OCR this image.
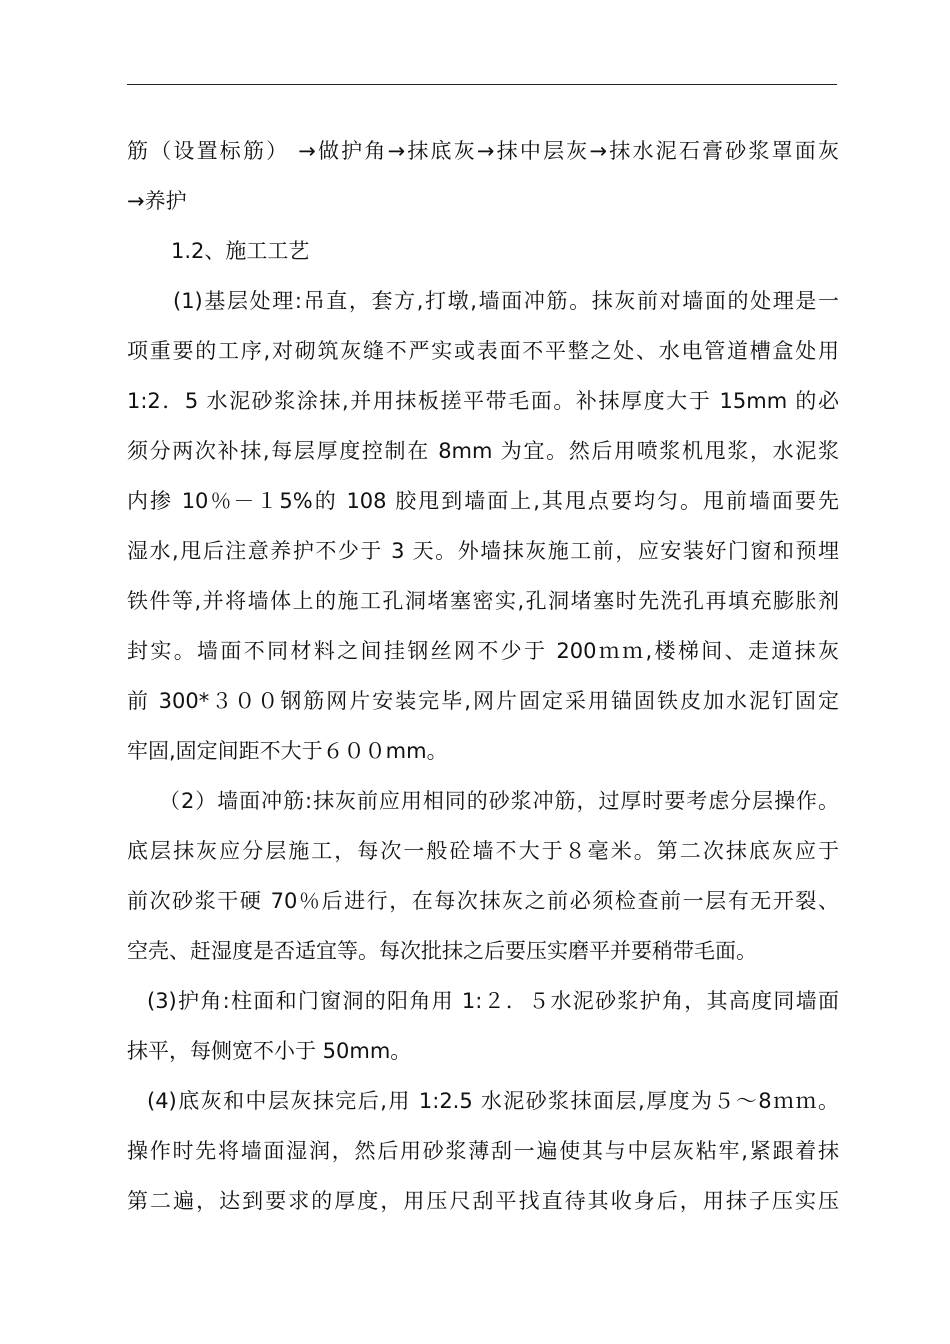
筋（设置标筋） →做护角→抹底灰→抹中层灰→抹水泥石膏砂浆罩面灰
→养护
1.2、施工工艺
(1)基层处理:吊直，套方,打墩,墙面冲筋。抹灰前对墙面的处理是一
项重要的工序,对砌筑灰缝不严实或表面不平整之处、水电管道槽盒处用
1:2．5 水泥砂浆涂抹,并用抹板搓平带毛面。补抹厚度大于 15mm 的必
须分两次补抹,每层厚度控制在 8mm 为宜。然后用喷浆机甩浆，水泥浆
内掺 10％－１5%的 108 胶甩到墙面上,其甩点要均匀。甩前墙面要先
湿水,甩后注意养护不少于 3 天。外墙抹灰施工前，应安装好门窗和预埋
铁件等,并将墙体上的施工孔洞堵塞密实,孔洞堵塞时先洗孔再填充膨胀剂
封实。墙面不同材料之间挂钢丝网不少于 200ｍｍ,楼梯间、走道抹灰
前 300*３００钢筋网片安装完毕,网片固定采用锚固铁皮加水泥钉固定
牢固,固定间距不大于６００mm。
（2）墙面冲筋:抹灰前应用相同的砂浆冲筋，过厚时要考虑分层操作。
底层抹灰应分层施工，每次一般砼墙不大于８毫米。第二次抹底灰应于
前次砂浆干硬 70％后进行，在每次抹灰之前必须检查前一层有无开裂、
空壳、赶湿度是否适宜等。每次批抹之后要压实磨平并要稍带毛面。
(3)护角:柱面和门窗洞的阳角用 1:２．５水泥砂浆护角，其高度同墙面
抹平，每侧宽不小于 50mm。
(4)底灰和中层灰抹完后,用 1:2.5 水泥砂浆抹面层,厚度为５～8ｍｍ。
操作时先将墙面湿润，然后用砂浆薄刮一遍使其与中层灰粘牢,紧跟着抹
第二遍，达到要求的厚度，用压尺刮平找直待其收身后，用抹子压实压
